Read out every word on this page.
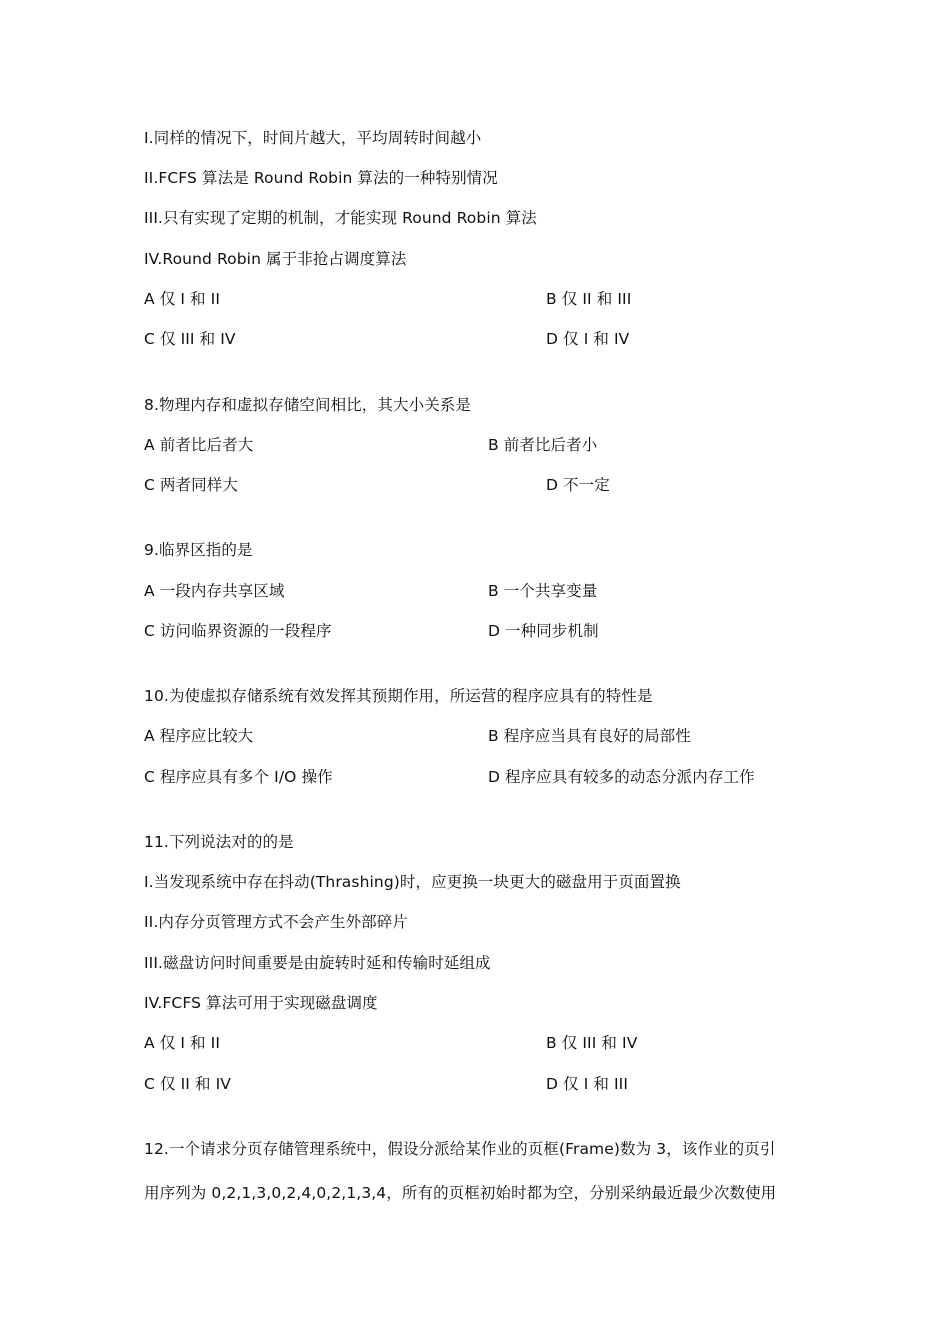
I.同样的情况下，时间片越大，平均周转时间越小
II.FCFS 算法是 Round Robin 算法的一种特别情况
III.只有实现了定期的机制，才能实现 Round Robin 算法
IV.Round Robin 属于非抢占调度算法
A 仅 I 和 II	B 仅 II 和 III
C 仅 III 和 IV	D 仅 I 和 IV
8.物理内存和虚拟存储空间相比，其大小关系是
A 前者比后者大	B 前者比后者小
C 两者同样大	D 不一定
9.临界区指的是
A 一段内存共享区域	B 一个共享变量
C 访问临界资源的一段程序	D 一种同步机制
10.为使虚拟存储系统有效发挥其预期作用，所运营的程序应具有的特性是
A 程序应比较大	B 程序应当具有良好的局部性
C 程序应具有多个 I/O 操作	D 程序应具有较多的动态分派内存工作
11.下列说法对的的是
I.当发现系统中存在抖动(Thrashing)时，应更换一块更大的磁盘用于页面置换
II.内存分页管理方式不会产生外部碎片
III.磁盘访问时间重要是由旋转时延和传输时延组成
IV.FCFS 算法可用于实现磁盘调度
A 仅 I 和 II	B 仅 III 和 IV
C 仅 II 和 IV	D 仅 I 和 III
12.一个请求分页存储管理系统中，假设分派给某作业的页框(Frame)数为 3，该作业的页引
用序列为 0,2,1,3,0,2,4,0,2,1,3,4，所有的页框初始时都为空，分别采纳最近最少次数使用
